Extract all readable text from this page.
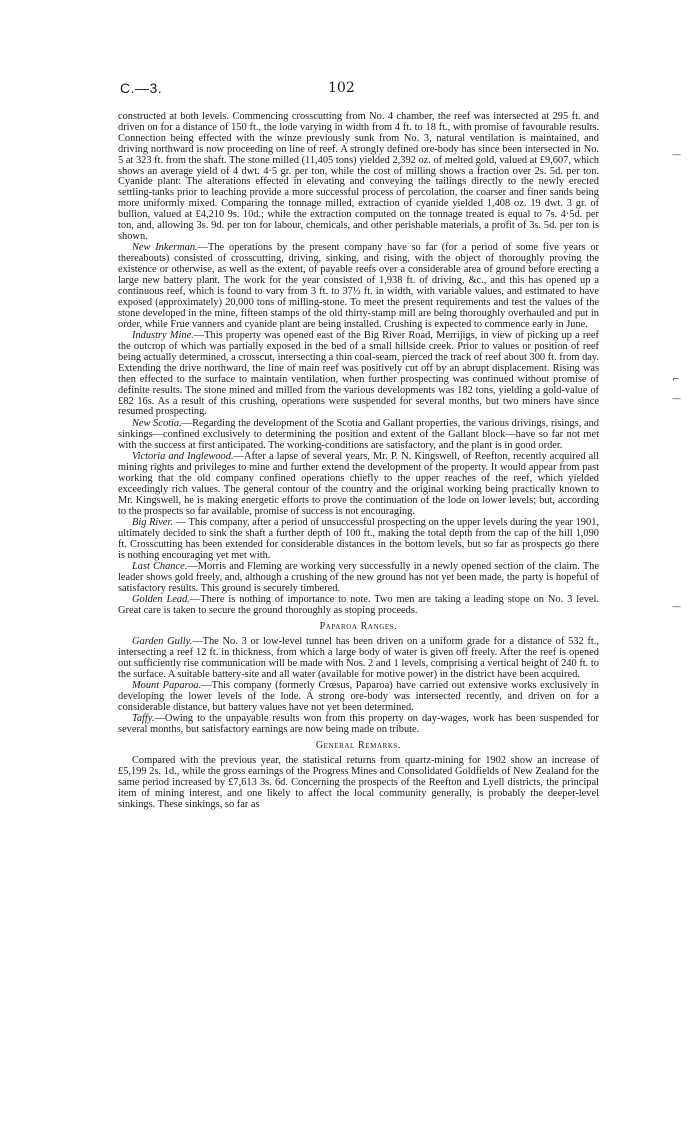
C.—3.	102
—
⌐
—
—

constructed at both levels. Commencing crosscutting from No. 4 chamber, the reef was intersected at 295 ft. and driven on for a distance of 150 ft., the lode varying in width from 4 ft. to 18 ft., with promise of favourable results. Connection being effected with the winze previously sunk from No. 3, natural ventilation is maintained, and driving northward is now proceeding on line of reef. A strongly defined ore-body has since been intersected in No. 5 at 323 ft. from the shaft. The stone milled (11,405 tons) yielded 2,392 oz. of melted gold, valued at £9,607, which shows an average yield of 4 dwt. 4·5 gr. per ton, while the cost of milling shows a fraction over 2s. 5d. per ton. Cyanide plant: The alterations effected in elevating and conveying the tailings directly to the newly erected settling-tanks prior to leaching provide a more successful process of percolation, the coarser and finer sands being more uniformly mixed. Comparing the tonnage milled, extraction of cyanide yielded 1,408 oz. 19 dwt. 3 gr. of bullion, valued at £4,210 9s. 10d.; while the extraction computed on the tonnage treated is equal to 7s. 4·5d. per ton, and, allowing 3s. 9d. per ton for labour, chemicals, and other perishable materials, a profit of 3s. 5d. per ton is shown.

New Inkerman.—The operations by the present company have so far (for a period of some five years or thereabouts) consisted of crosscutting, driving, sinking, and rising, with the object of thoroughly proving the existence or otherwise, as well as the extent, of payable reefs over a considerable area of ground before erecting a large new battery plant. The work for the year consisted of 1,938 ft. of driving, &c., and this has opened up a continuous reef, which is found to vary from 3 ft. to 37½ ft. in width, with variable values, and estimated to have exposed (approximately) 20,000 tons of milling-stone. To meet the present requirements and test the values of the stone developed in the mine, fifteen stamps of the old thirty-stamp mill are being thoroughly overhauled and put in order, while Frue vanners and cyanide plant are being installed. Crushing is expected to commence early in June.

Industry Mine.—This property was opened east of the Big River Road, Merrijigs, in view of picking up a reef the outcrop of which was partially exposed in the bed of a small hillside creek. Prior to values or position of reef being actually determined, a crosscut, intersecting a thin coal-seam, pierced the track of reef about 300 ft. from day. Extending the drive northward, the line of main reef was positively cut off by an abrupt displacement. Rising was then effected to the surface to maintain ventilation, when further prospecting was continued without promise of definite results. The stone mined and milled from the various developments was 182 tons, yielding a gold-value of £82 16s. As a result of this crushing, operations were suspended for several months, but two miners have since resumed prospecting.

New Scotia.—Regarding the development of the Scotia and Gallant properties, the various drivings, risings, and sinkings—confined exclusively to determining the position and extent of the Gallant block—have so far not met with the success at first anticipated. The working-conditions are satisfactory, and the plant is in good order.

Victoria and Inglewood.—After a lapse of several years, Mr. P. N. Kingswell, of Reefton, recently acquired all mining rights and privileges to mine and further extend the development of the property. It would appear from past working that the old company confined operations chiefly to the upper reaches of the reef, which yielded exceedingly rich values. The general contour of the country and the original working being practically known to Mr. Kingswell, he is making energetic efforts to prove the continuation of the lode on lower levels; but, according to the prospects so far available, promise of success is not encouraging.

Big River. — This company, after a period of unsuccessful prospecting on the upper levels during the year 1901, ultimately decided to sink the shaft a further depth of 100 ft., making the total depth from the cap of the hill 1,090 ft. Crosscutting has been extended for considerable distances in the bottom levels, but so far as prospects go there is nothing encouraging yet met with.

Last Chance.—Morris and Fleming are working very successfully in a newly opened section of the claim. The leader shows gold freely, and, although a crushing of the new ground has not yet been made, the party is hopeful of satisfactory results. This ground is securely timbered.

Golden Lead.—There is nothing of importance to note. Two men are taking a leading stope on No. 3 level. Great care is taken to secure the ground thoroughly as stoping proceeds.

Paparoa Ranges.

Garden Gully.—The No. 3 or low-level tunnel has been driven on a uniform grade for a distance of 532 ft., intersecting a reef 12 ft. in thickness, from which a large body of water is given off freely. After the reef is opened out sufficiently rise communication will be made with Nos. 2 and 1 levels, comprising a vertical height of 240 ft. to the surface. A suitable battery-site and all water (available for motive power) in the district have been acquired.

Mount Paparoa.—This company (formerly Crœsus, Paparoa) have carried out extensive works exclusively in developing the lower levels of the lode. A strong ore-body was intersected recently, and driven on for a considerable distance, but battery values have not yet been determined.

Taffy.—Owing to the unpayable results won from this property on day-wages, work has been suspended for several months, but satisfactory earnings are now being made on tribute.

General Remarks.

Compared with the previous year, the statistical returns from quartz-mining for 1902 show an increase of £5,199 2s. 1d., while the gross earnings of the Progress Mines and Consolidated Goldfields of New Zealand for the same period increased by £7,613 3s. 6d. Concerning the prospects of the Reefton and Lyell districts, the principal item of mining interest, and one likely to affect the local community generally, is probably the deeper-level sinkings. These sinkings, so far as
